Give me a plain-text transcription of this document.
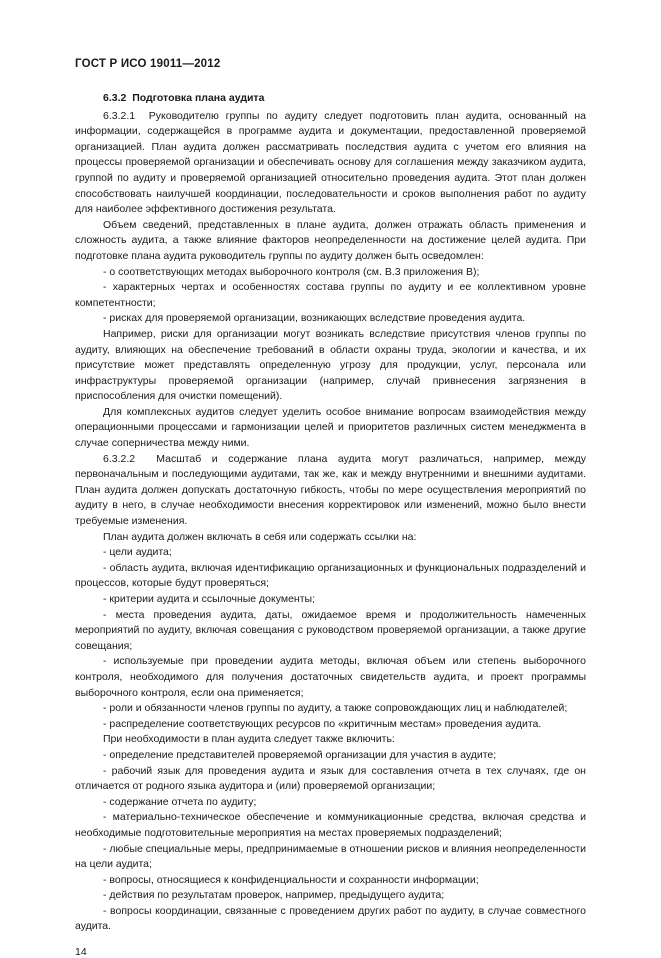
ГОСТ Р ИСО 19011—2012

6.3.2  Подготовка плана аудита

6.3.2.1  Руководителю группы по аудиту следует подготовить план аудита, основанный на информации, содержащейся в программе аудита и документации, предоставленной проверяемой организацией. План аудита должен рассматривать последствия аудита с учетом его влияния на процессы проверяемой организации и обеспечивать основу для соглашения между заказчиком аудита, группой по аудиту и проверяемой организацией относительно проведения аудита. Этот план должен способствовать наилучшей координации, последовательности и сроков выполнения работ по аудиту для наиболее эффективного достижения результата.

Объем сведений, представленных в плане аудита, должен отражать область применения и сложность аудита, а также влияние факторов неопределенности на достижение целей аудита. При подготовке плана аудита руководитель группы по аудиту должен быть осведомлен:

- о соответствующих методах выборочного контроля (см. В.3 приложения В);

- характерных чертах и особенностях состава группы по аудиту и ее коллективном уровне компетентности;

- рисках для проверяемой организации, возникающих вследствие проведения аудита.

Например, риски для организации могут возникать вследствие присутствия членов группы по аудиту, влияющих на обеспечение требований в области охраны труда, экологии и качества, и их присутствие может представлять определенную угрозу для продукции, услуг, персонала или инфраструктуры проверяемой организации (например, случай привнесения загрязнения в приспособления для очистки помещений).

Для комплексных аудитов следует уделить особое внимание вопросам взаимодействия между операционными процессами и гармонизации целей и приоритетов различных систем менеджмента в случае соперничества между ними.

6.3.2.2  Масштаб и содержание плана аудита могут различаться, например, между первоначальным и последующими аудитами, так же, как и между внутренними и внешними аудитами. План аудита должен допускать достаточную гибкость, чтобы по мере осуществления мероприятий по аудиту в него, в случае необходимости внесения корректировок или изменений, можно было внести требуемые изменения.

План аудита должен включать в себя или содержать ссылки на:

- цели аудита;

- область аудита, включая идентификацию организационных и функциональных подразделений и процессов, которые будут проверяться;

- критерии аудита и ссылочные документы;

- места проведения аудита, даты, ожидаемое время и продолжительность намеченных мероприятий по аудиту, включая совещания с руководством проверяемой организации, а также другие совещания;

- используемые при проведении аудита методы, включая объем или степень выборочного контроля, необходимого для получения достаточных свидетельств аудита, и проект программы выборочного контроля, если она применяется;

- роли и обязанности членов группы по аудиту, а также сопровождающих лиц и наблюдателей;

- распределение соответствующих ресурсов по «критичным местам» проведения аудита.

При необходимости в план аудита следует также включить:

- определение представителей проверяемой организации для участия в аудите;

- рабочий язык для проведения аудита и язык для составления отчета в тех случаях, где он отличается от родного языка аудитора и (или) проверяемой организации;

- содержание отчета по аудиту;

- материально-техническое обеспечение и коммуникационные средства, включая средства и необходимые подготовительные мероприятия на местах проверяемых подразделений;

- любые специальные меры, предпринимаемые в отношении рисков и влияния неопределенности на цели аудита;

- вопросы, относящиеся к конфиденциальности и сохранности информации;

- действия по результатам проверок, например, предыдущего аудита;

- вопросы координации, связанные с проведением других работ по аудиту, в случае совместного аудита.

14
